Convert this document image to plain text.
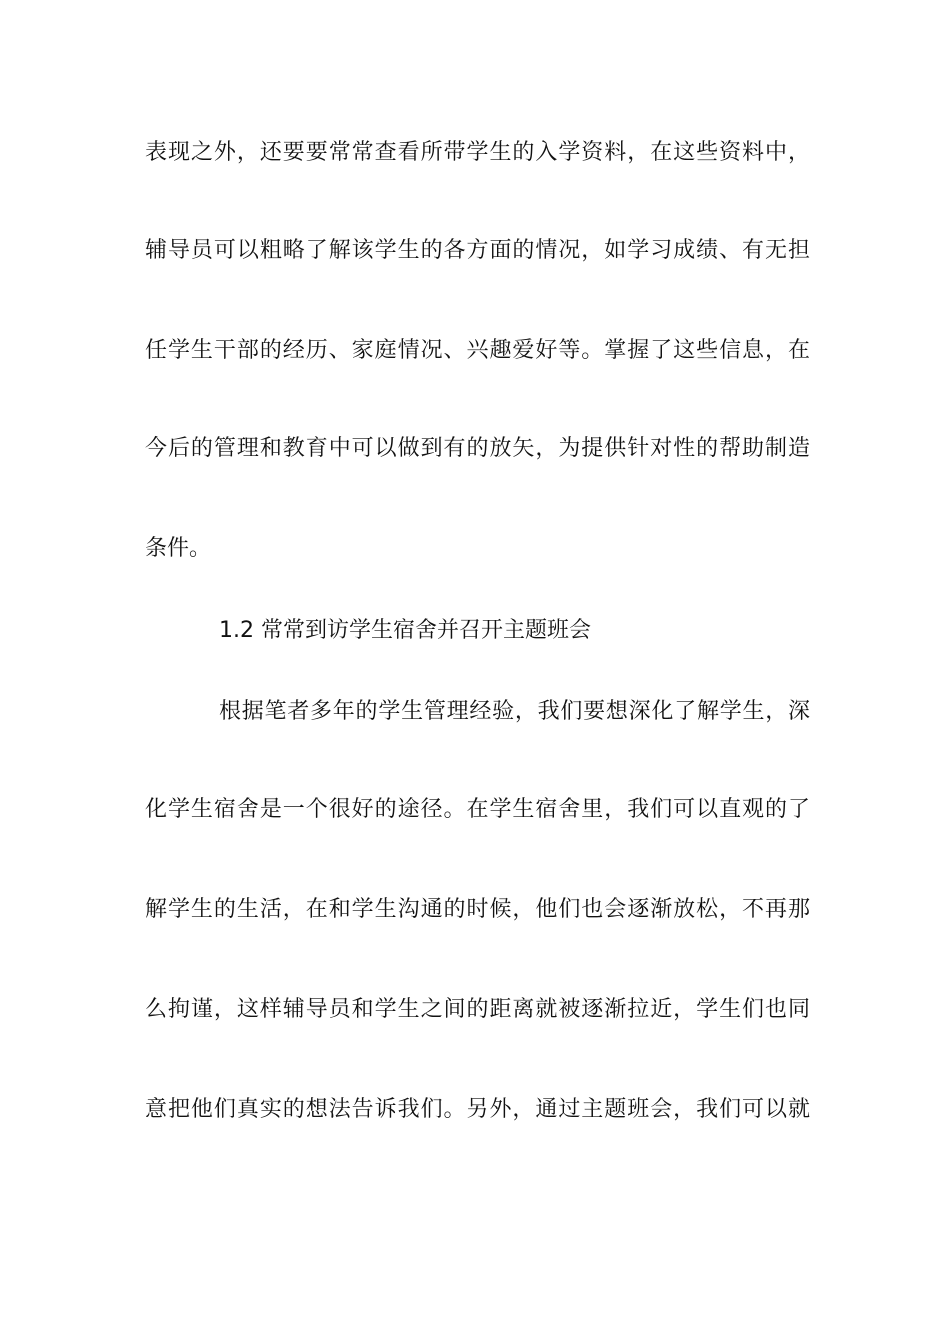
表现之外，还要要常常查看所带学生的入学资料，在这些资料中，

辅导员可以粗略了解该学生的各方面的情况，如学习成绩、有无担

任学生干部的经历、家庭情况、兴趣爱好等。掌握了这些信息，在

今后的管理和教育中可以做到有的放矢，为提供针对性的帮助制造

条件。

1.2 常常到访学生宿舍并召开主题班会

根据笔者多年的学生管理经验，我们要想深化了解学生，深

化学生宿舍是一个很好的途径。在学生宿舍里，我们可以直观的了

解学生的生活，在和学生沟通的时候，他们也会逐渐放松，不再那

么拘谨，这样辅导员和学生之间的距离就被逐渐拉近，学生们也同

意把他们真实的想法告诉我们。另外，通过主题班会，我们可以就
